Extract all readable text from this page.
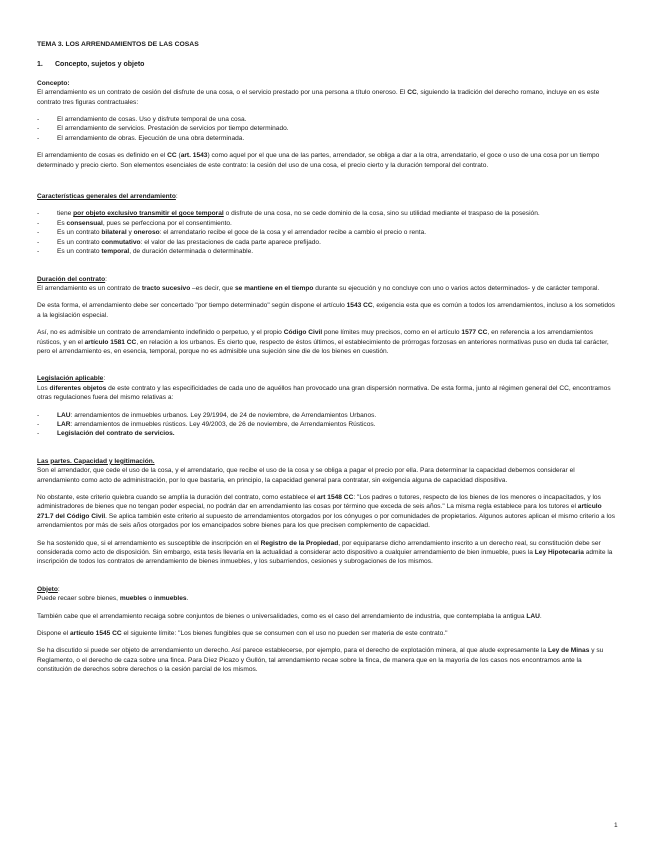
TEMA 3. LOS ARRENDAMIENTOS DE LAS COSAS
1. Concepto, sujetos y objeto
Concepto:

El arrendamiento es un contrato de cesión del disfrute de una cosa, o el servicio prestado por una persona a título oneroso. El CC, siguiendo la tradición del derecho romano, incluye en es este contrato tres figuras contractuales:

- El arrendamiento de cosas. Uso y disfrute temporal de una cosa.
- El arrendamiento de servicios. Prestación de servicios por tiempo determinado.
- El arrendamiento de obras. Ejecución de una obra determinada.

El arrendamiento de cosas es definido en el CC (art. 1543) como aquel por el que una de las partes, arrendador, se obliga a dar a la otra, arrendatario, el goce o uso de una cosa por un tiempo determinado y precio cierto. Son elementos esenciales de este contrato: la cesión del uso de una cosa, el precio cierto y la duración temporal del contrato.

Características generales del arrendamiento:

- tiene por objeto exclusivo transmitir el goce temporal o disfrute de una cosa, no se cede dominio de la cosa, sino su utilidad mediante el traspaso de la posesión.
- Es consensual, pues se perfecciona por el consentimiento.
- Es un contrato bilateral y oneroso: el arrendatario recibe el goce de la cosa y el arrendador recibe a cambio el precio o renta.
- Es un contrato conmutativo: el valor de las prestaciones de cada parte aparece prefijado.
- Es un contrato temporal, de duración determinada o determinable.
Duración del contrato:

El arrendamiento es un contrato de tracto sucesivo –es decir, que se mantiene en el tiempo durante su ejecución y no concluye con uno o varios actos determinados- y de carácter temporal.

De esta forma, el arrendamiento debe ser concertado "por tiempo determinado" según dispone el artículo 1543 CC, exigencia esta que es común a todos los arrendamientos, incluso a los sometidos a la legislación especial.

Así, no es admisible un contrato de arrendamiento indefinido o perpetuo, y el propio Código Civil pone límites muy precisos, como en el artículo 1577 CC, en referencia a los arrendamientos rústicos, y en el artículo 1581 CC, en relación a los urbanos. Es cierto que, respecto de éstos últimos, el establecimiento de prórrogas forzosas en anteriores normativas puso en duda tal carácter, pero el arrendamiento es, en esencia, temporal, porque no es admisible una sujeción sine die de los bienes en cuestión.

Legislación aplicable:

Los diferentes objetos de este contrato y las especificidades de cada uno de aquéllos han provocado una gran dispersión normativa. De esta forma, junto al régimen general del CC, encontramos otras regulaciones fuera del mismo relativas a:

- LAU: arrendamientos de inmuebles urbanos. Ley 29/1994, de 24 de noviembre, de Arrendamientos Urbanos.
- LAR: arrendamientos de inmuebles rústicos. Ley 49/2003, de 26 de noviembre, de Arrendamientos Rústicos.
- Legislación del contrato de servicios.
Las partes. Capacidad y legitimación.

Son el arrendador, que cede el uso de la cosa, y el arrendatario, que recibe el uso de la cosa y se obliga a pagar el precio por ella. Para determinar la capacidad debemos considerar el arrendamiento como acto de administración, por lo que bastaría, en principio, la capacidad general para contratar, sin exigencia alguna de capacidad dispositiva.

No obstante, este criterio quiebra cuando se amplía la duración del contrato, como establece el art 1548 CC: "Los padres o tutores, respecto de los bienes de los menores o incapacitados, y los administradores de bienes que no tengan poder especial, no podrán dar en arrendamiento las cosas por término que exceda de seis años." La misma regla establece para los tutores el artículo 271.7 del Código Civil. Se aplica también este criterio al supuesto de arrendamientos otorgados por los cónyuges o por comunidades de propietarios. Algunos autores aplican el mismo criterio a los arrendamientos por más de seis años otorgados por los emancipados sobre bienes para los que precisen complemento de capacidad.

Se ha sostenido que, si el arrendamiento es susceptible de inscripción en el Registro de la Propiedad, por equipararse dicho arrendamiento inscrito a un derecho real, su constitución debe ser considerada como acto de disposición. Sin embargo, esta tesis llevaría en la actualidad a considerar acto dispositivo a cualquier arrendamiento de bien inmueble, pues la Ley Hipotecaria admite la inscripción de todos los contratos de arrendamiento de bienes inmuebles, y los subarriendos, cesiones y subrogaciones de los mismos.

Objeto:

Puede recaer sobre bienes, muebles o inmuebles.

También cabe que el arrendamiento recaiga sobre conjuntos de bienes o universalidades, como es el caso del arrendamiento de industria, que contemplaba la antigua LAU.

Dispone el artículo 1545 CC el siguiente límite: "Los bienes fungibles que se consumen con el uso no pueden ser materia de este contrato."

Se ha discutido si puede ser objeto de arrendamiento un derecho. Así parece establecerse, por ejemplo, para el derecho de explotación minera, al que alude expresamente la Ley de Minas y su Reglamento, o el derecho de caza sobre una finca. Para Díez Picazo y Gullón, tal arrendamiento recae sobre la finca, de manera que en la mayoría de los casos nos encontramos ante la constitución de derechos sobre derechos o la cesión parcial de los mismos.

1
